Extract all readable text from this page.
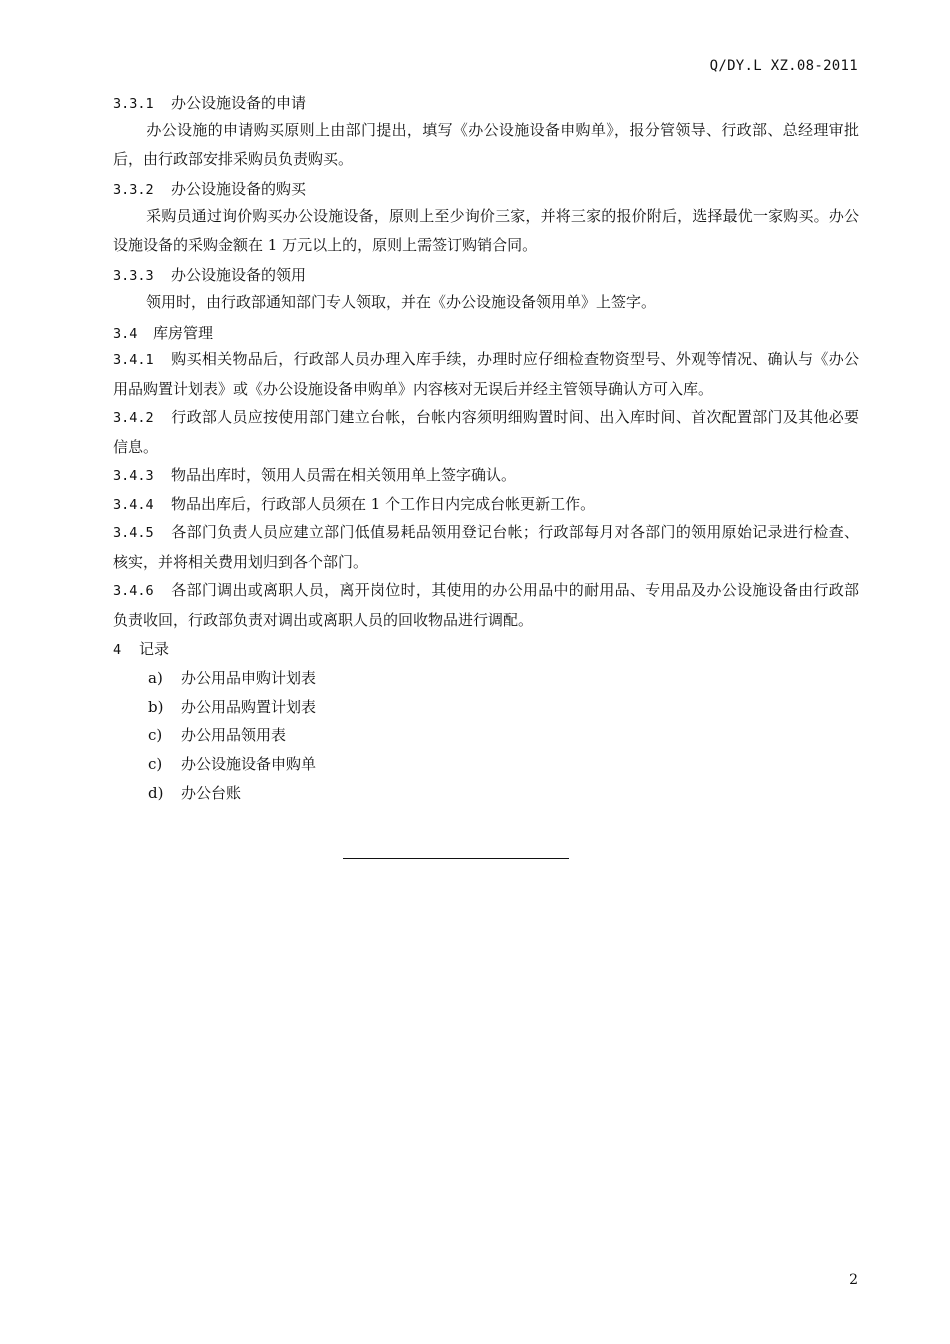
Q/DY.L XZ.08-2011
3.3.1 办公设施设备的申请
办公设施的申请购买原则上由部门提出，填写《办公设施设备申购单》，报分管领导、行政部、总经理审批后，由行政部安排采购员负责购买。
3.3.2 办公设施设备的购买
采购员通过询价购买办公设施设备，原则上至少询价三家，并将三家的报价附后，选择最优一家购买。办公设施设备的采购金额在 1 万元以上的，原则上需签订购销合同。
3.3.3 办公设施设备的领用
领用时，由行政部通知部门专人领取，并在《办公设施设备领用单》上签字。
3.4 库房管理
3.4.1 购买相关物品后，行政部人员办理入库手续，办理时应仔细检查物资型号、外观等情况、确认与《办公用品购置计划表》或《办公设施设备申购单》内容核对无误后并经主管领导确认方可入库。
3.4.2 行政部人员应按使用部门建立台帐，台帐内容须明细购置时间、出入库时间、首次配置部门及其他必要信息。
3.4.3 物品出库时，领用人员需在相关领用单上签字确认。
3.4.4 物品出库后，行政部人员须在 1 个工作日内完成台帐更新工作。
3.4.5 各部门负责人员应建立部门低值易耗品领用登记台帐；行政部每月对各部门的领用原始记录进行检查、核实，并将相关费用划归到各个部门。
3.4.6 各部门调出或离职人员，离开岗位时，其使用的办公用品中的耐用品、专用品及办公设施设备由行政部负责收回，行政部负责对调出或离职人员的回收物品进行调配。
4 记录
a) 办公用品申购计划表
b) 办公用品购置计划表
c) 办公用品领用表
c) 办公设施设备申购单
d) 办公台账
2
